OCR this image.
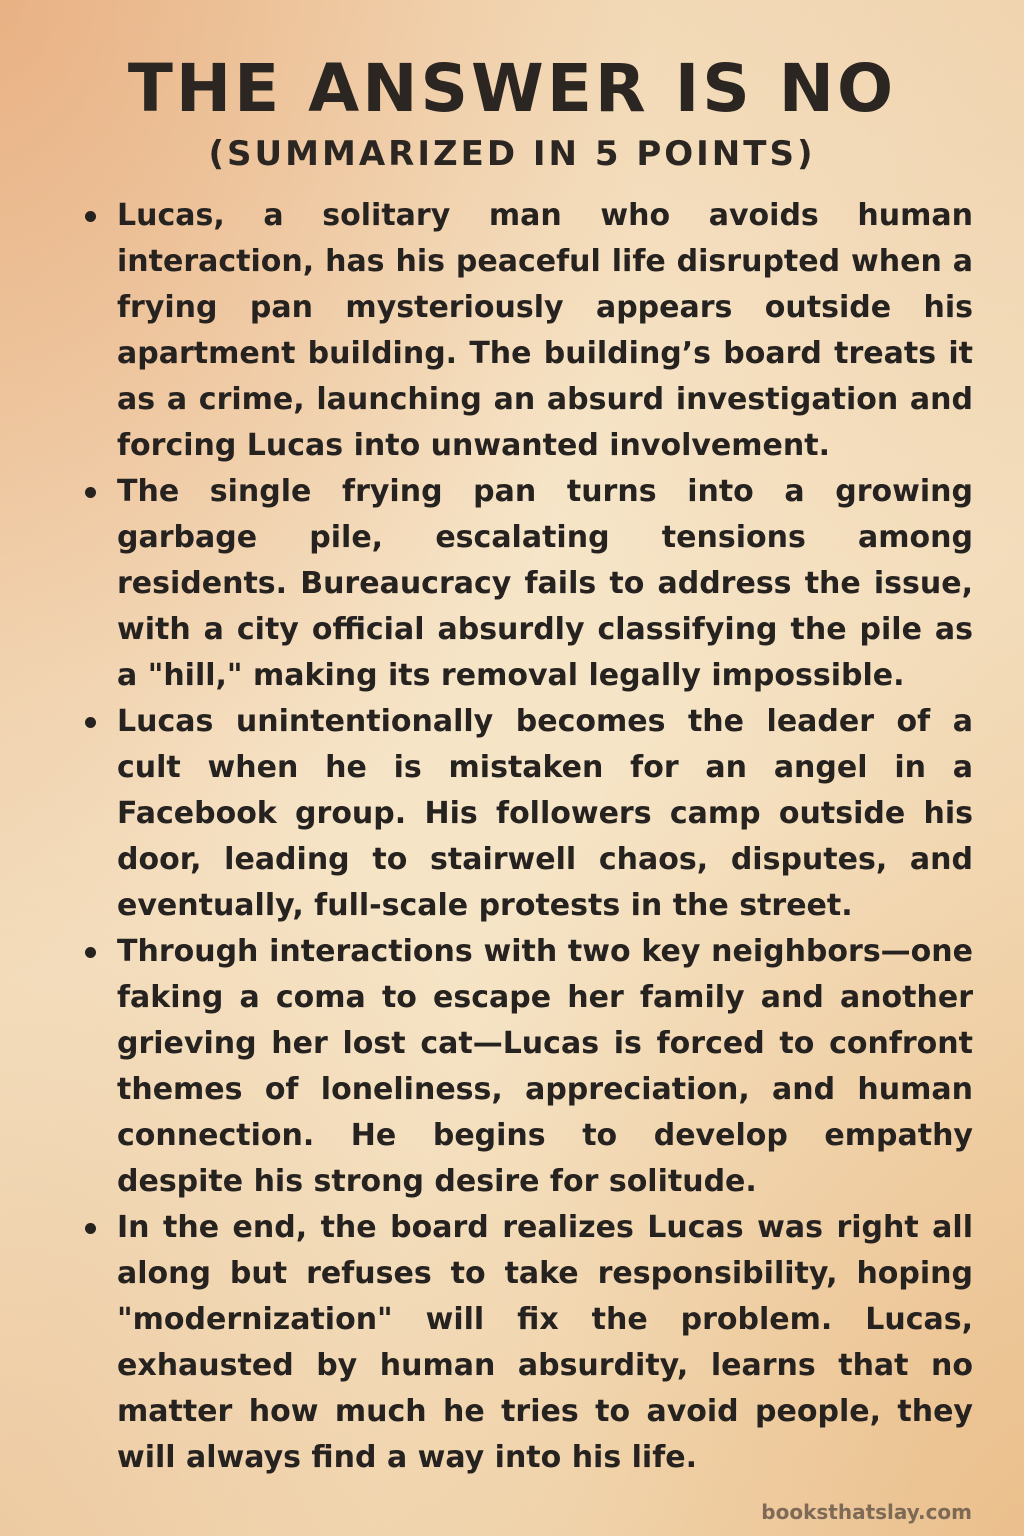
THE ANSWER IS NO
(SUMMARIZED IN 5 POINTS)
Lucas, a solitary man who avoids human interaction, has his peaceful life disrupted when a frying pan mysteriously appears outside his apartment building. The building’s board treats it as a crime, launching an absurd investigation and forcing Lucas into unwanted involvement.
The single frying pan turns into a growing garbage pile, escalating tensions among residents. Bureaucracy fails to address the issue, with a city official absurdly classifying the pile as a "hill," making its removal legally impossible.
Lucas unintentionally becomes the leader of a cult when he is mistaken for an angel in a Facebook group. His followers camp outside his door, leading to stairwell chaos, disputes, and eventually, full-scale protests in the street.
Through interactions with two key neighbors—one faking a coma to escape her family and another grieving her lost cat—Lucas is forced to confront themes of loneliness, appreciation, and human connection. He begins to develop empathy despite his strong desire for solitude.
In the end, the board realizes Lucas was right all along but refuses to take responsibility, hoping "modernization" will fix the problem. Lucas, exhausted by human absurdity, learns that no matter how much he tries to avoid people, they will always find a way into his life.
booksthatslay.com
